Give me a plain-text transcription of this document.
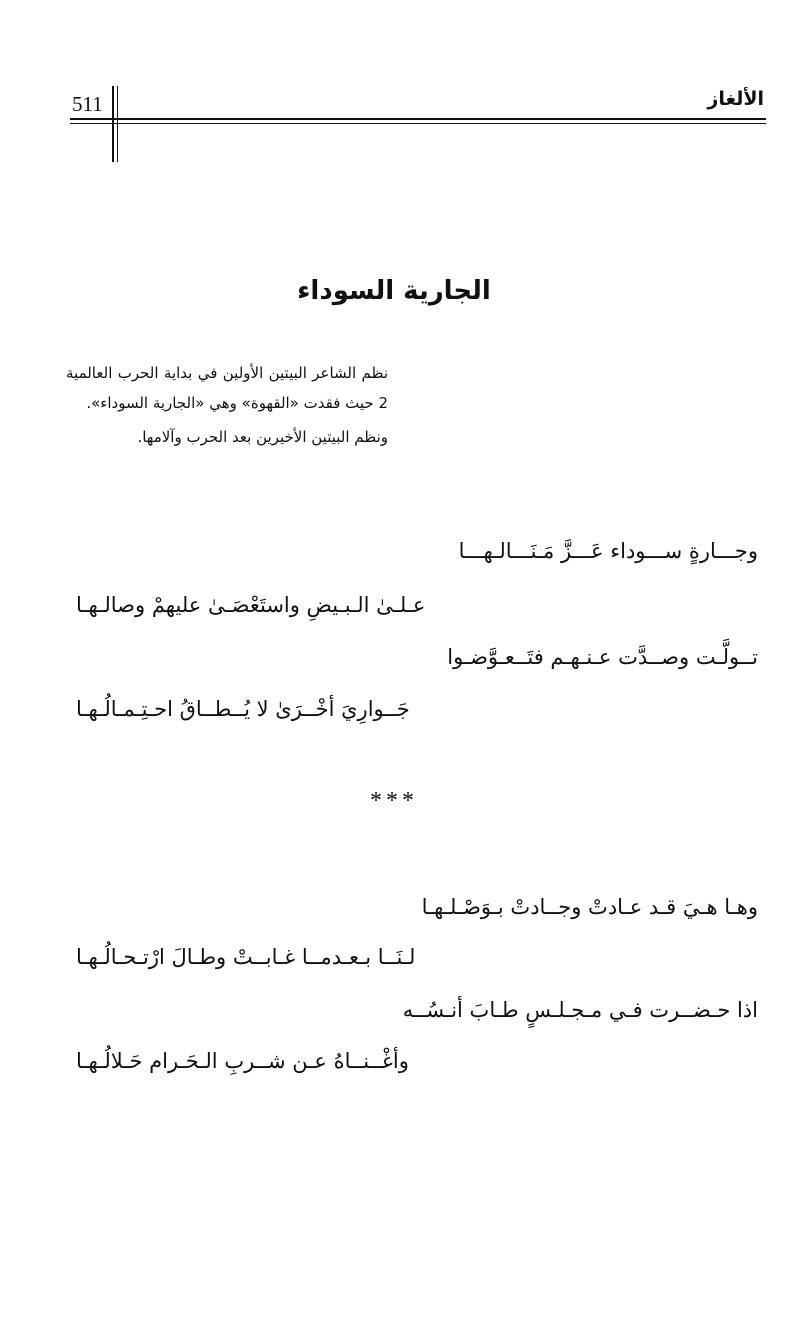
الألغاز
511
الجارية السوداء

نظم الشاعر البيتين الأولين في بداية الحرب العالمية 2 حيث فقدت «القهوة» وهي «الجارية السوداء».

ونظم البيتين الأخيرين بعد الحرب وآلامها.

وجـــارةٍ ســـوداء عَـــزَّ مَـنَـــالـهـــا
عـلـىٰ الـبـيضِ واستَعْصَـىٰ عليهمْ وصالـهـا
تــولَّـت وصــدَّت عـنـهـم فتَــعـوَّضـوا
جَــوارِيَ أخْــرَىٰ لا يُــطــاقُ احـتِـمـالُـهـا
***
وهـا هـيَ قـد عـادتْ وجــادتْ بـوَصْـلـهـا
لـنَــا بـعـدمــا غـابــتْ وطـالَ ارْتـحـالُـهـا
اذا حـضــرت فـي مـجـلـسٍ طـابَ أنـسُــه
وأغْــنــاهُ عـن شــربِ الـحَـرام حَـلالُـهـا
